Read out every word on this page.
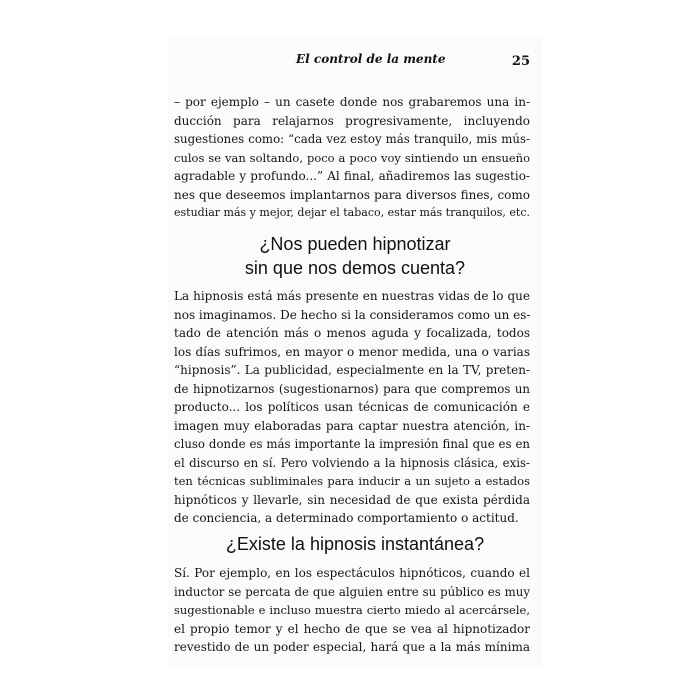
El control de la mente	25
– por ejemplo – un casete donde nos grabaremos una in-
ducción para relajarnos progresivamente, incluyendo
sugestiones como: “cada vez estoy más tranquilo, mis mús-
culos se van soltando, poco a poco voy sintiendo un ensueño
agradable y profundo...” Al final, añadiremos las sugestio-
nes que deseemos implantarnos para diversos fines, como
estudiar más y mejor, dejar el tabaco, estar más tranquilos, etc.
¿Nos pueden hipnotizar
sin que nos demos cuenta?
La hipnosis está más presente en nuestras vidas de lo que
nos imaginamos. De hecho si la consideramos como un es-
tado de atención más o menos aguda y focalizada, todos
los días sufrimos, en mayor o menor medida, una o varias
“hipnosis”. La publicidad, especialmente en la TV, preten-
de hipnotizarnos (sugestionarnos) para que compremos un
producto... los políticos usan técnicas de comunicación e
imagen muy elaboradas para captar nuestra atención, in-
cluso donde es más importante la impresión final que es en
el discurso en sí. Pero volviendo a la hipnosis clásica, exis-
ten técnicas subliminales para inducir a un sujeto a estados
hipnóticos y llevarle, sin necesidad de que exista pérdida
de conciencia, a determinado comportamiento o actitud.
¿Existe la hipnosis instantánea?
Sí. Por ejemplo, en los espectáculos hipnóticos, cuando el
inductor se percata de que alguien entre su público es muy
sugestionable e incluso muestra cierto miedo al acercársele,
el propio temor y el hecho de que se vea al hipnotizador
revestido de un poder especial, hará que a la más mínima
